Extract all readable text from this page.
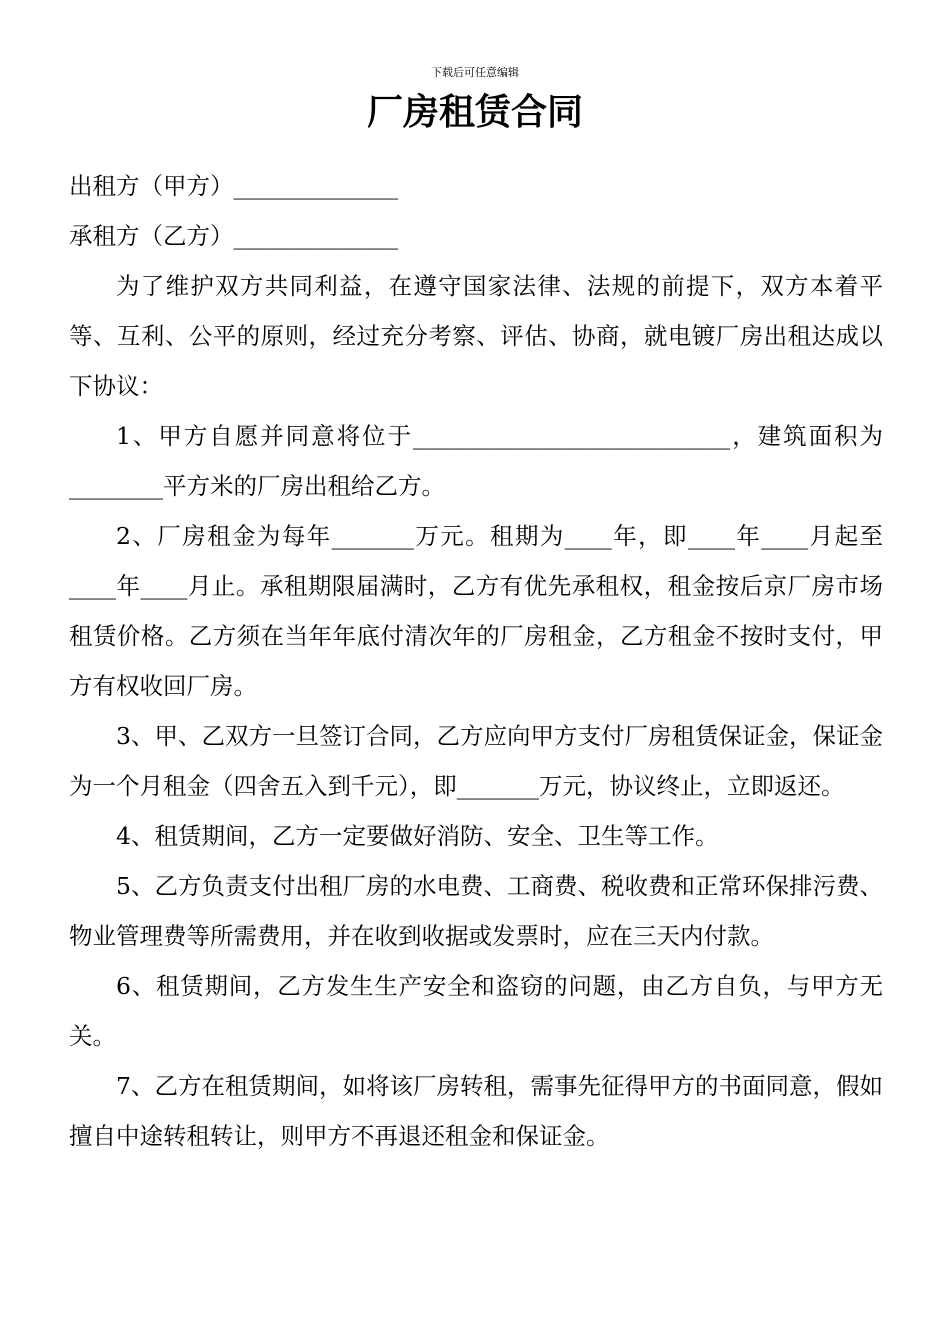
下载后可任意编辑
厂房租赁合同

出租方（甲方）______________

承租方（乙方）______________

为了维护双方共同利益，在遵守国家法律、法规的前提下，双方本着平等、互利、公平的原则，经过充分考察、评估、协商，就电镀厂房出租达成以下协议：

1、甲方自愿并同意将位于___________________________，建筑面积为________平方米的厂房出租给乙方。

2、厂房租金为每年_______万元。租期为____年，即____年____月起至____年____月止。承租期限届满时，乙方有优先承租权，租金按后京厂房市场租赁价格。乙方须在当年年底付清次年的厂房租金，乙方租金不按时支付，甲方有权收回厂房。

3、甲、乙双方一旦签订合同，乙方应向甲方支付厂房租赁保证金，保证金为一个月租金（四舍五入到千元），即_______万元，协议终止，立即返还。

4、租赁期间，乙方一定要做好消防、安全、卫生等工作。

5、乙方负责支付出租厂房的水电费、工商费、税收费和正常环保排污费、物业管理费等所需费用，并在收到收据或发票时，应在三天内付款。

6、租赁期间，乙方发生生产安全和盗窃的问题，由乙方自负，与甲方无关。

7、乙方在租赁期间，如将该厂房转租，需事先征得甲方的书面同意，假如擅自中途转租转让，则甲方不再退还租金和保证金。
